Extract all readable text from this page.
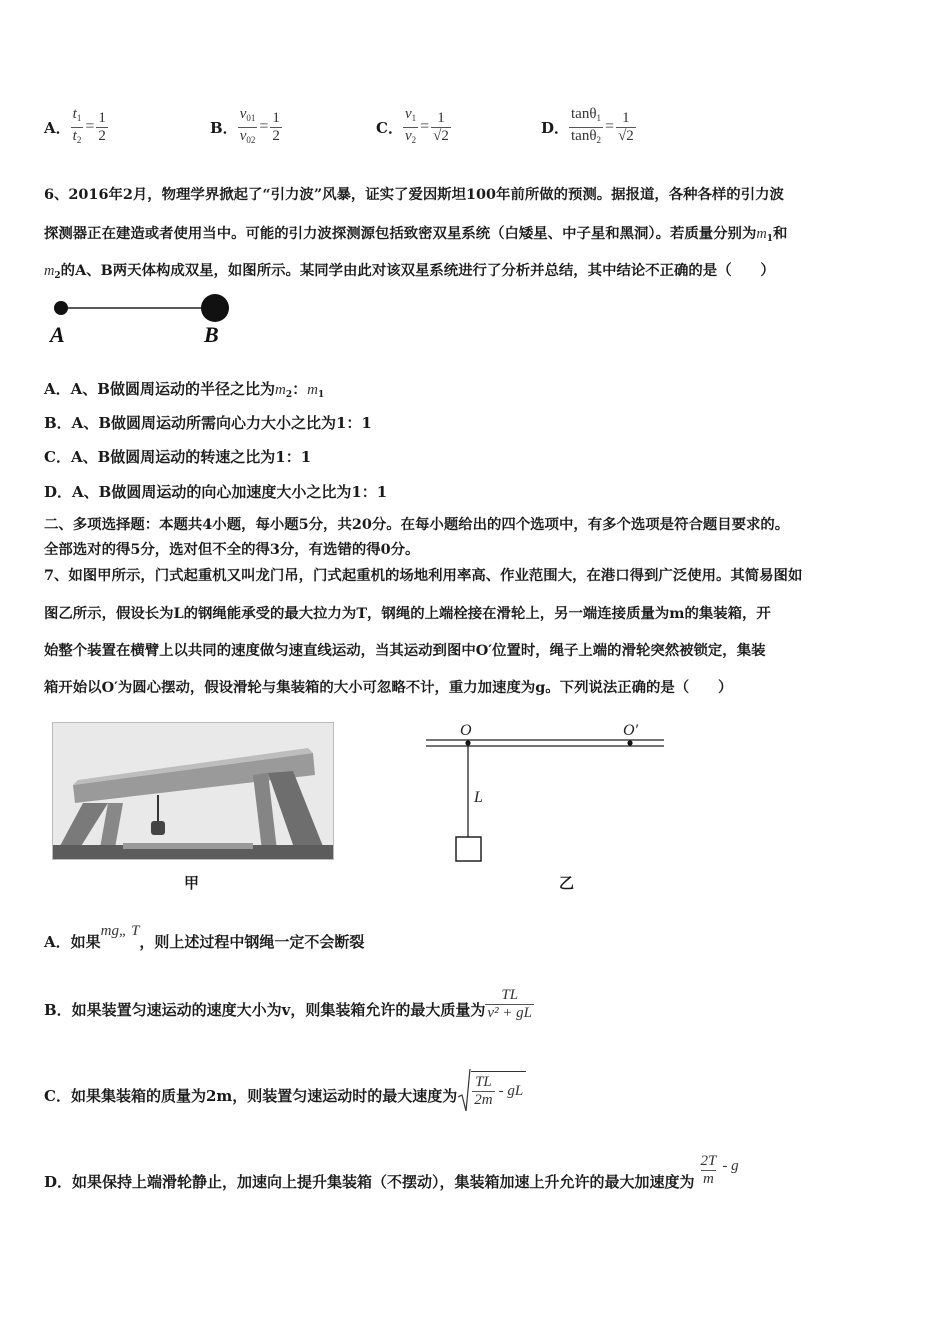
A． $\frac{t_1}{t_2} = \frac{1}{2}$	B． $\frac{v_{01}}{v_{02}} = \frac{1}{2}$	C． $\frac{v_1}{v_2} = \frac{1}{√2}$	D． $\frac{\tan\theta_1}{\tan\theta_2} = \frac{1}{√2}$
6、2016年2月，物理学界掀起了“引力波”风暴，证实了爱因斯坦100年前所做的预测。据报道，各种各样的引力波
探测器正在建造或者使用当中。可能的引力波探测源包括致密双星系统（白矮星、中子星和黑洞）。若质量分别为$m_1$和
$m_2$的A、B两天体构成双星，如图所示。某同学由此对该双星系统进行了分析并总结，其中结论不正确的是（　　）
A	B
A．A、B做圆周运动的半径之比为$m_2$：$m_1$
B．A、B做圆周运动所需向心力大小之比为1：1
C．A、B做圆周运动的转速之比为1：1
D．A、B做圆周运动的向心加速度大小之比为1：1
二、多项选择题：本题共4小题，每小题5分，共20分。在每小题给出的四个选项中，有多个选项是符合题目要求的。
全部选对的得5分，选对但不全的得3分，有选错的得0分。
7、如图甲所示，门式起重机又叫龙门吊，门式起重机的场地利用率高、作业范围大，在港口得到广泛使用。其简易图如
图乙所示，假设长为L的钢绳能承受的最大拉力为T，钢绳的上端栓接在滑轮上，另一端连接质量为m的集装箱，开
始整个装置在横臂上以共同的速度做匀速直线运动，当其运动到图中O′位置时，绳子上端的滑轮突然被锁定，集装
箱开始以O′为圆心摆动，假设滑轮与集装箱的大小可忽略不计，重力加速度为g。下列说法正确的是（　　）
甲
O	O′
L
乙
A．如果mg„ T，则上述过程中钢绳一定不会断裂
B．如果装置匀速运动的速度大小为v，则集装箱允许的最大质量为 $\frac{TL}{\text{v² + gL}}$
C．如果集装箱的质量为2m，则装置匀速运动时的最大速度为 $\frac{TL}{2m}$ - gL
D．如果保持上端滑轮静止，加速向上提升集装箱（不摆动），集装箱加速上升允许的最大加速度为 $\frac{2T}{m}$ - g
